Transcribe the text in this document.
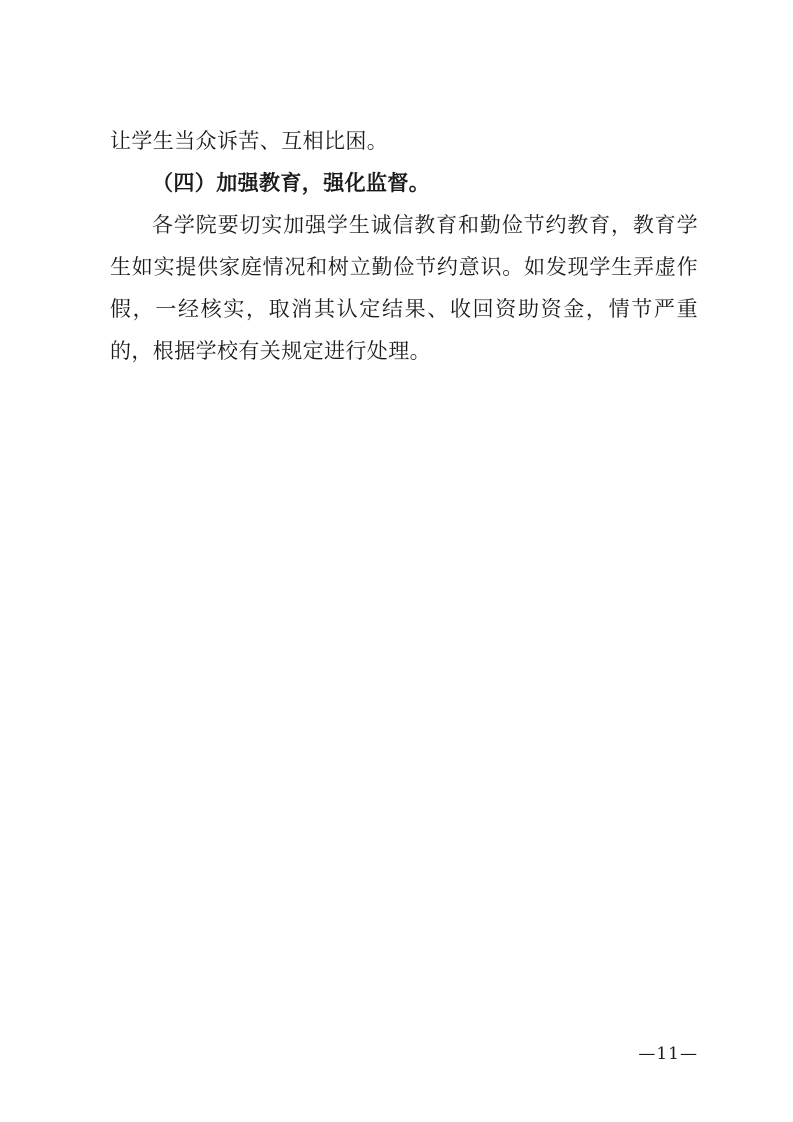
让学生当众诉苦、互相比困。

（四）加强教育，强化监督。

各学院要切实加强学生诚信教育和勤俭节约教育，教育学生如实提供家庭情况和树立勤俭节约意识。如发现学生弄虚作假，一经核实，取消其认定结果、收回资助资金，情节严重的，根据学校有关规定进行处理。

—11—
